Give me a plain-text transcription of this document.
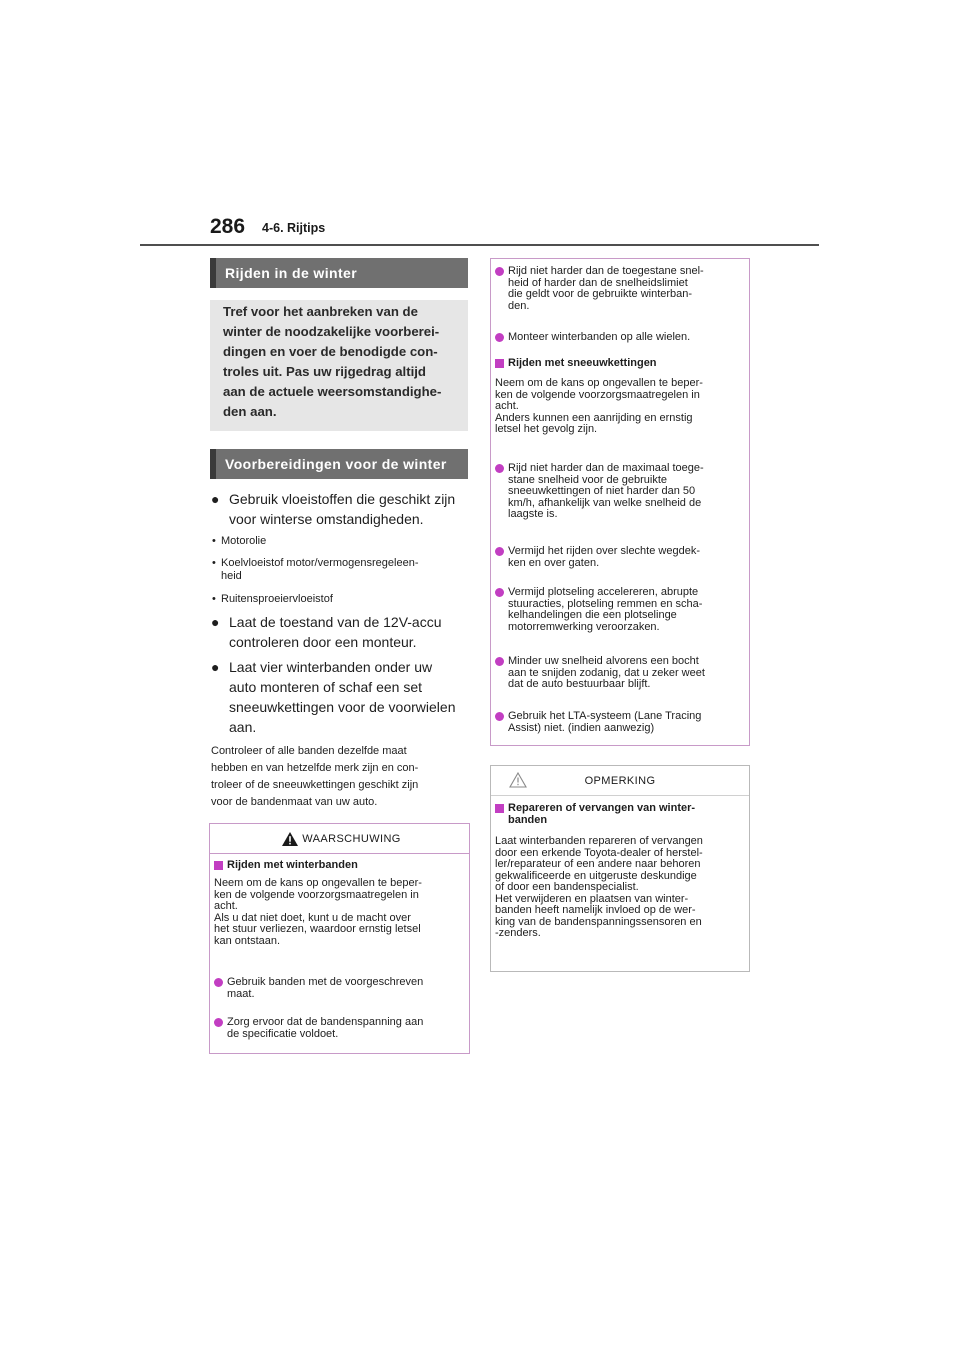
286 4-6. Rijtips
Rijden in de winter
Tref voor het aanbreken van de
winter de noodzakelijke voorberei-
dingen en voer de benodigde con-
troles uit. Pas uw rijgedrag altijd
aan de actuele weersomstandighe-
den aan.
Voorbereidingen voor de winter
● Gebruik vloeistoffen die geschikt zijn
voor winterse omstandigheden.
• Motorolie
• Koelvloeistof motor/vermogensregeleen-
heid
• Ruitensproeiervloeistof
● Laat de toestand van de 12V-accu
controleren door een monteur.
● Laat vier winterbanden onder uw
auto monteren of schaf een set
sneeuwkettingen voor de voorwielen
aan.
Controleer of alle banden dezelfde maat
hebben en van hetzelfde merk zijn en con-
troleer of de sneeuwkettingen geschikt zijn
voor de bandenmaat van uw auto.
WAARSCHUWING
Rijden met winterbanden
Neem om de kans op ongevallen te beper-
ken de volgende voorzorgsmaatregelen in
acht.
Als u dat niet doet, kunt u de macht over
het stuur verliezen, waardoor ernstig letsel
kan ontstaan.
Gebruik banden met de voorgeschreven
maat.
Zorg ervoor dat de bandenspanning aan
de specificatie voldoet.
Rijd niet harder dan de toegestane snel-
heid of harder dan de snelheidslimiet
die geldt voor de gebruikte winterban-
den.
Monteer winterbanden op alle wielen.
Rijden met sneeuwkettingen
Neem om de kans op ongevallen te beper-
ken de volgende voorzorgsmaatregelen in
acht.
Anders kunnen een aanrijding en ernstig
letsel het gevolg zijn.
Rijd niet harder dan de maximaal toege-
stane snelheid voor de gebruikte
sneeuwkettingen of niet harder dan 50
km/h, afhankelijk van welke snelheid de
laagste is.
Vermijd het rijden over slechte wegdek-
ken en over gaten.
Vermijd plotseling accelereren, abrupte
stuuracties, plotseling remmen en scha-
kelhandelingen die een plotselinge
motorremwerking veroorzaken.
Minder uw snelheid alvorens een bocht
aan te snijden zodanig, dat u zeker weet
dat de auto bestuurbaar blijft.
Gebruik het LTA-systeem (Lane Tracing
Assist) niet. (indien aanwezig)
OPMERKING
Repareren of vervangen van winter-
banden
Laat winterbanden repareren of vervangen
door een erkende Toyota-dealer of herstel-
ler/reparateur of een andere naar behoren
gekwalificeerde en uitgeruste deskundige
of door een bandenspecialist.
Het verwijderen en plaatsen van winter-
banden heeft namelijk invloed op de wer-
king van de bandenspanningssensoren en
-zenders.
